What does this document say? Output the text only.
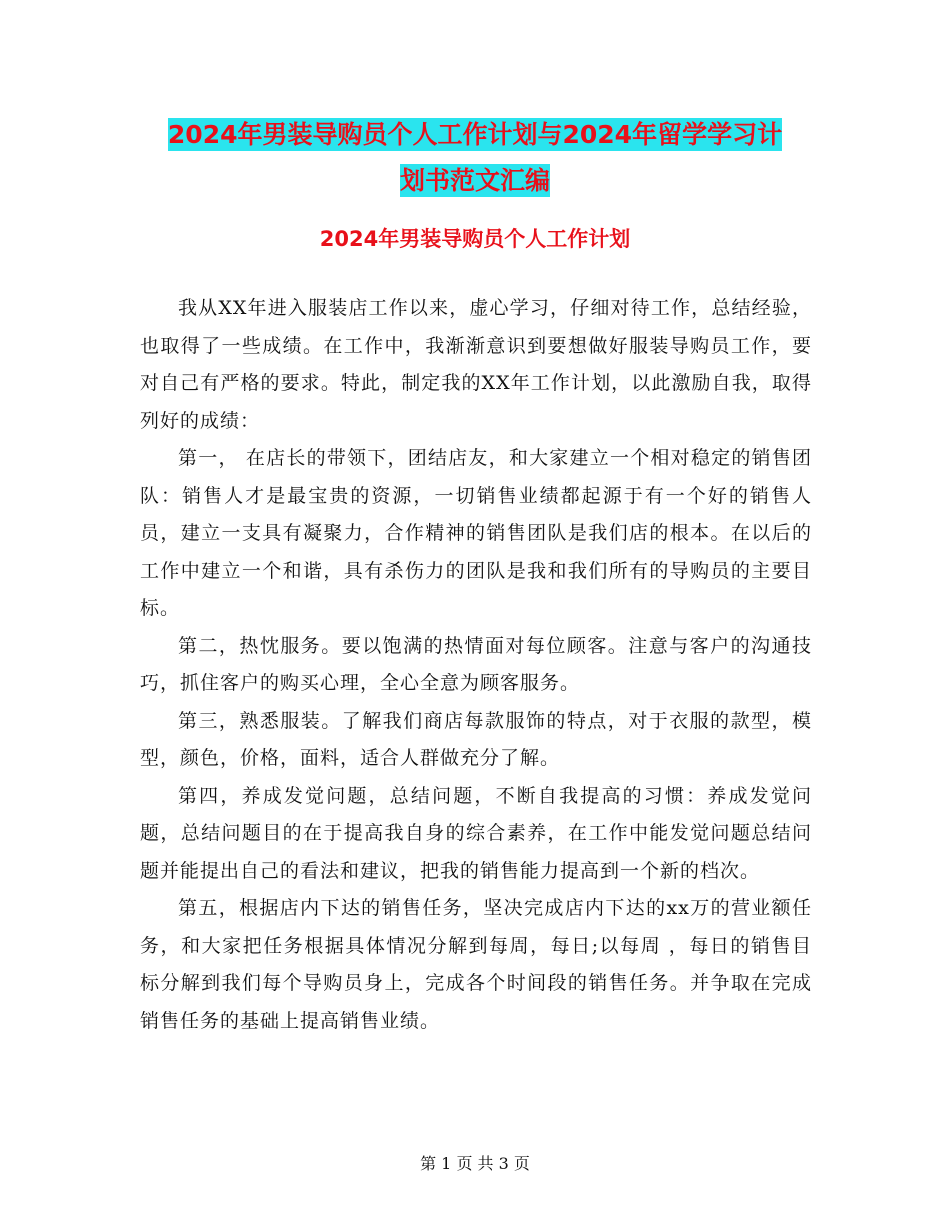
2024年男装导购员个人工作计划与2024年留学学习计
划书范文汇编
2024年男装导购员个人工作计划

我从XX年进入服装店工作以来，虚心学习，仔细对待工作，总结经验，也取得了一些成绩。在工作中，我渐渐意识到要想做好服装导购员工作，要对自己有严格的要求。特此，制定我的XX年工作计划，以此激励自我，取得列好的成绩：

第一， 在店长的带领下，团结店友，和大家建立一个相对稳定的销售团队：销售人才是最宝贵的资源，一切销售业绩都起源于有一个好的销售人员，建立一支具有凝聚力，合作精神的销售团队是我们店的根本。在以后的工作中建立一个和谐，具有杀伤力的团队是我和我们所有的导购员的主要目标。

第二，热忱服务。要以饱满的热情面对每位顾客。注意与客户的沟通技巧，抓住客户的购买心理，全心全意为顾客服务。

第三，熟悉服装。了解我们商店每款服饰的特点，对于衣服的款型，模型，颜色，价格，面料，适合人群做充分了解。

第四，养成发觉问题，总结问题，不断自我提高的习惯：养成发觉问题，总结问题目的在于提高我自身的综合素养，在工作中能发觉问题总结问题并能提出自己的看法和建议，把我的销售能力提高到一个新的档次。

第五，根据店内下达的销售任务，坚决完成店内下达的xx万的营业额任务，和大家把任务根据具体情况分解到每周，每日;以每周 ，每日的销售目标分解到我们每个导购员身上，完成各个时间段的销售任务。并争取在完成销售任务的基础上提高销售业绩。

第 1 页 共 3 页
